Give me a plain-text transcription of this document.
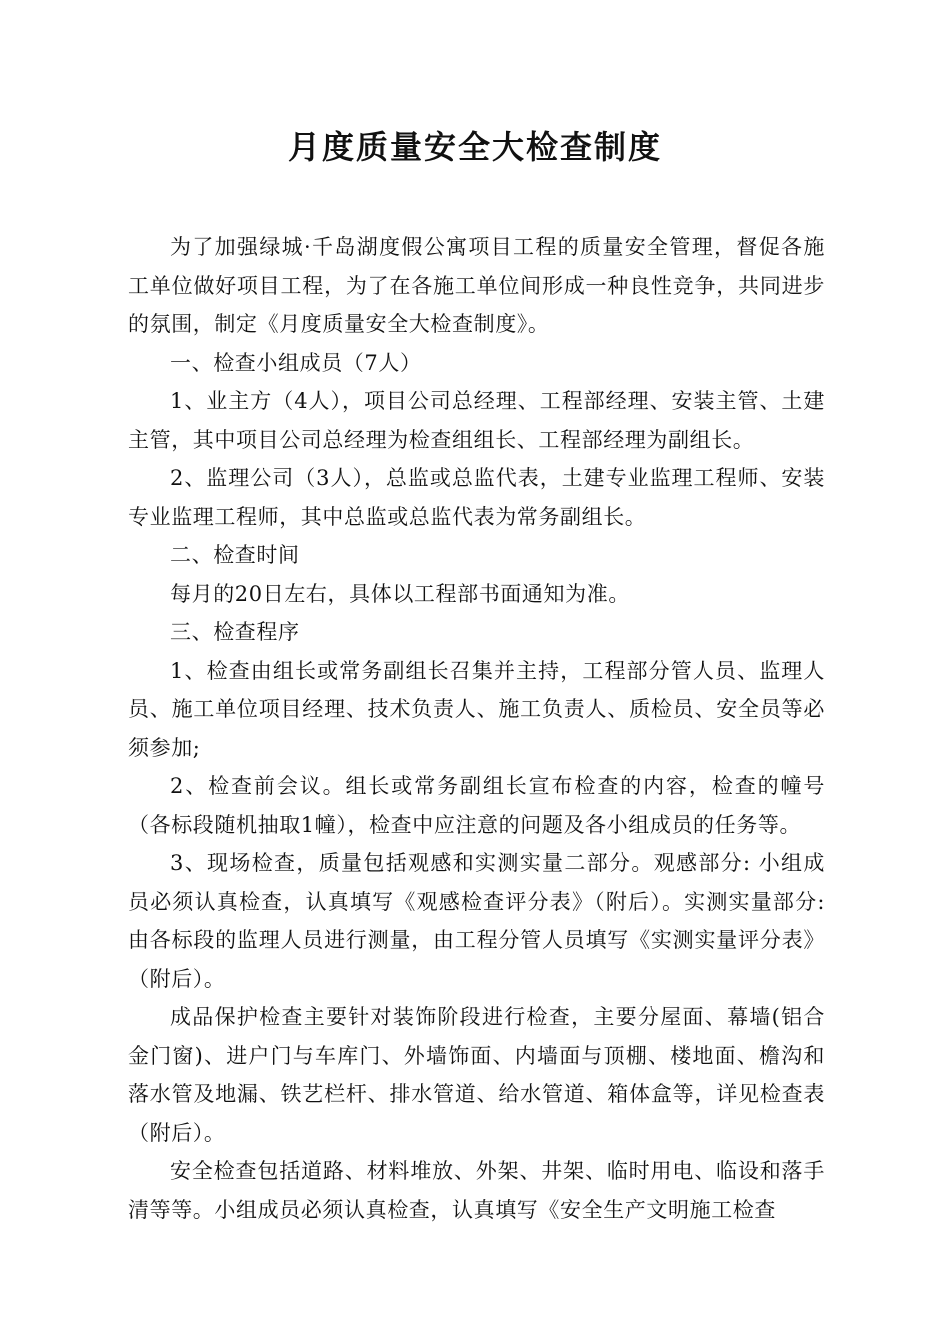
月度质量安全大检查制度

为了加强绿城·千岛湖度假公寓项目工程的质量安全管理，督促各施工单位做好项目工程，为了在各施工单位间形成一种良性竞争，共同进步的氛围，制定《月度质量安全大检查制度》。

一、检查小组成员（7人）

1、业主方（4人），项目公司总经理、工程部经理、安装主管、土建主管，其中项目公司总经理为检查组组长、工程部经理为副组长。

2、监理公司（3人），总监或总监代表，土建专业监理工程师、安装专业监理工程师，其中总监或总监代表为常务副组长。

二、检查时间

每月的20日左右，具体以工程部书面通知为准。

三、检查程序

1、检查由组长或常务副组长召集并主持，工程部分管人员、监理人员、施工单位项目经理、技术负责人、施工负责人、质检员、安全员等必须参加;

2、检查前会议。组长或常务副组长宣布检查的内容，检查的幢号（各标段随机抽取1幢），检查中应注意的问题及各小组成员的任务等。

3、现场检查，质量包括观感和实测实量二部分。观感部分: 小组成员必须认真检查，认真填写《观感检查评分表》（附后）。实测实量部分: 由各标段的监理人员进行测量，由工程分管人员填写《实测实量评分表》（附后）。

成品保护检查主要针对装饰阶段进行检查，主要分屋面、幕墙(铝合金门窗)、进户门与车库门、外墙饰面、内墙面与顶棚、楼地面、檐沟和落水管及地漏、铁艺栏杆、排水管道、给水管道、箱体盒等，详见检查表（附后）。

安全检查包括道路、材料堆放、外架、井架、临时用电、临设和落手清等等。小组成员必须认真检查，认真填写《安全生产文明施工检查
